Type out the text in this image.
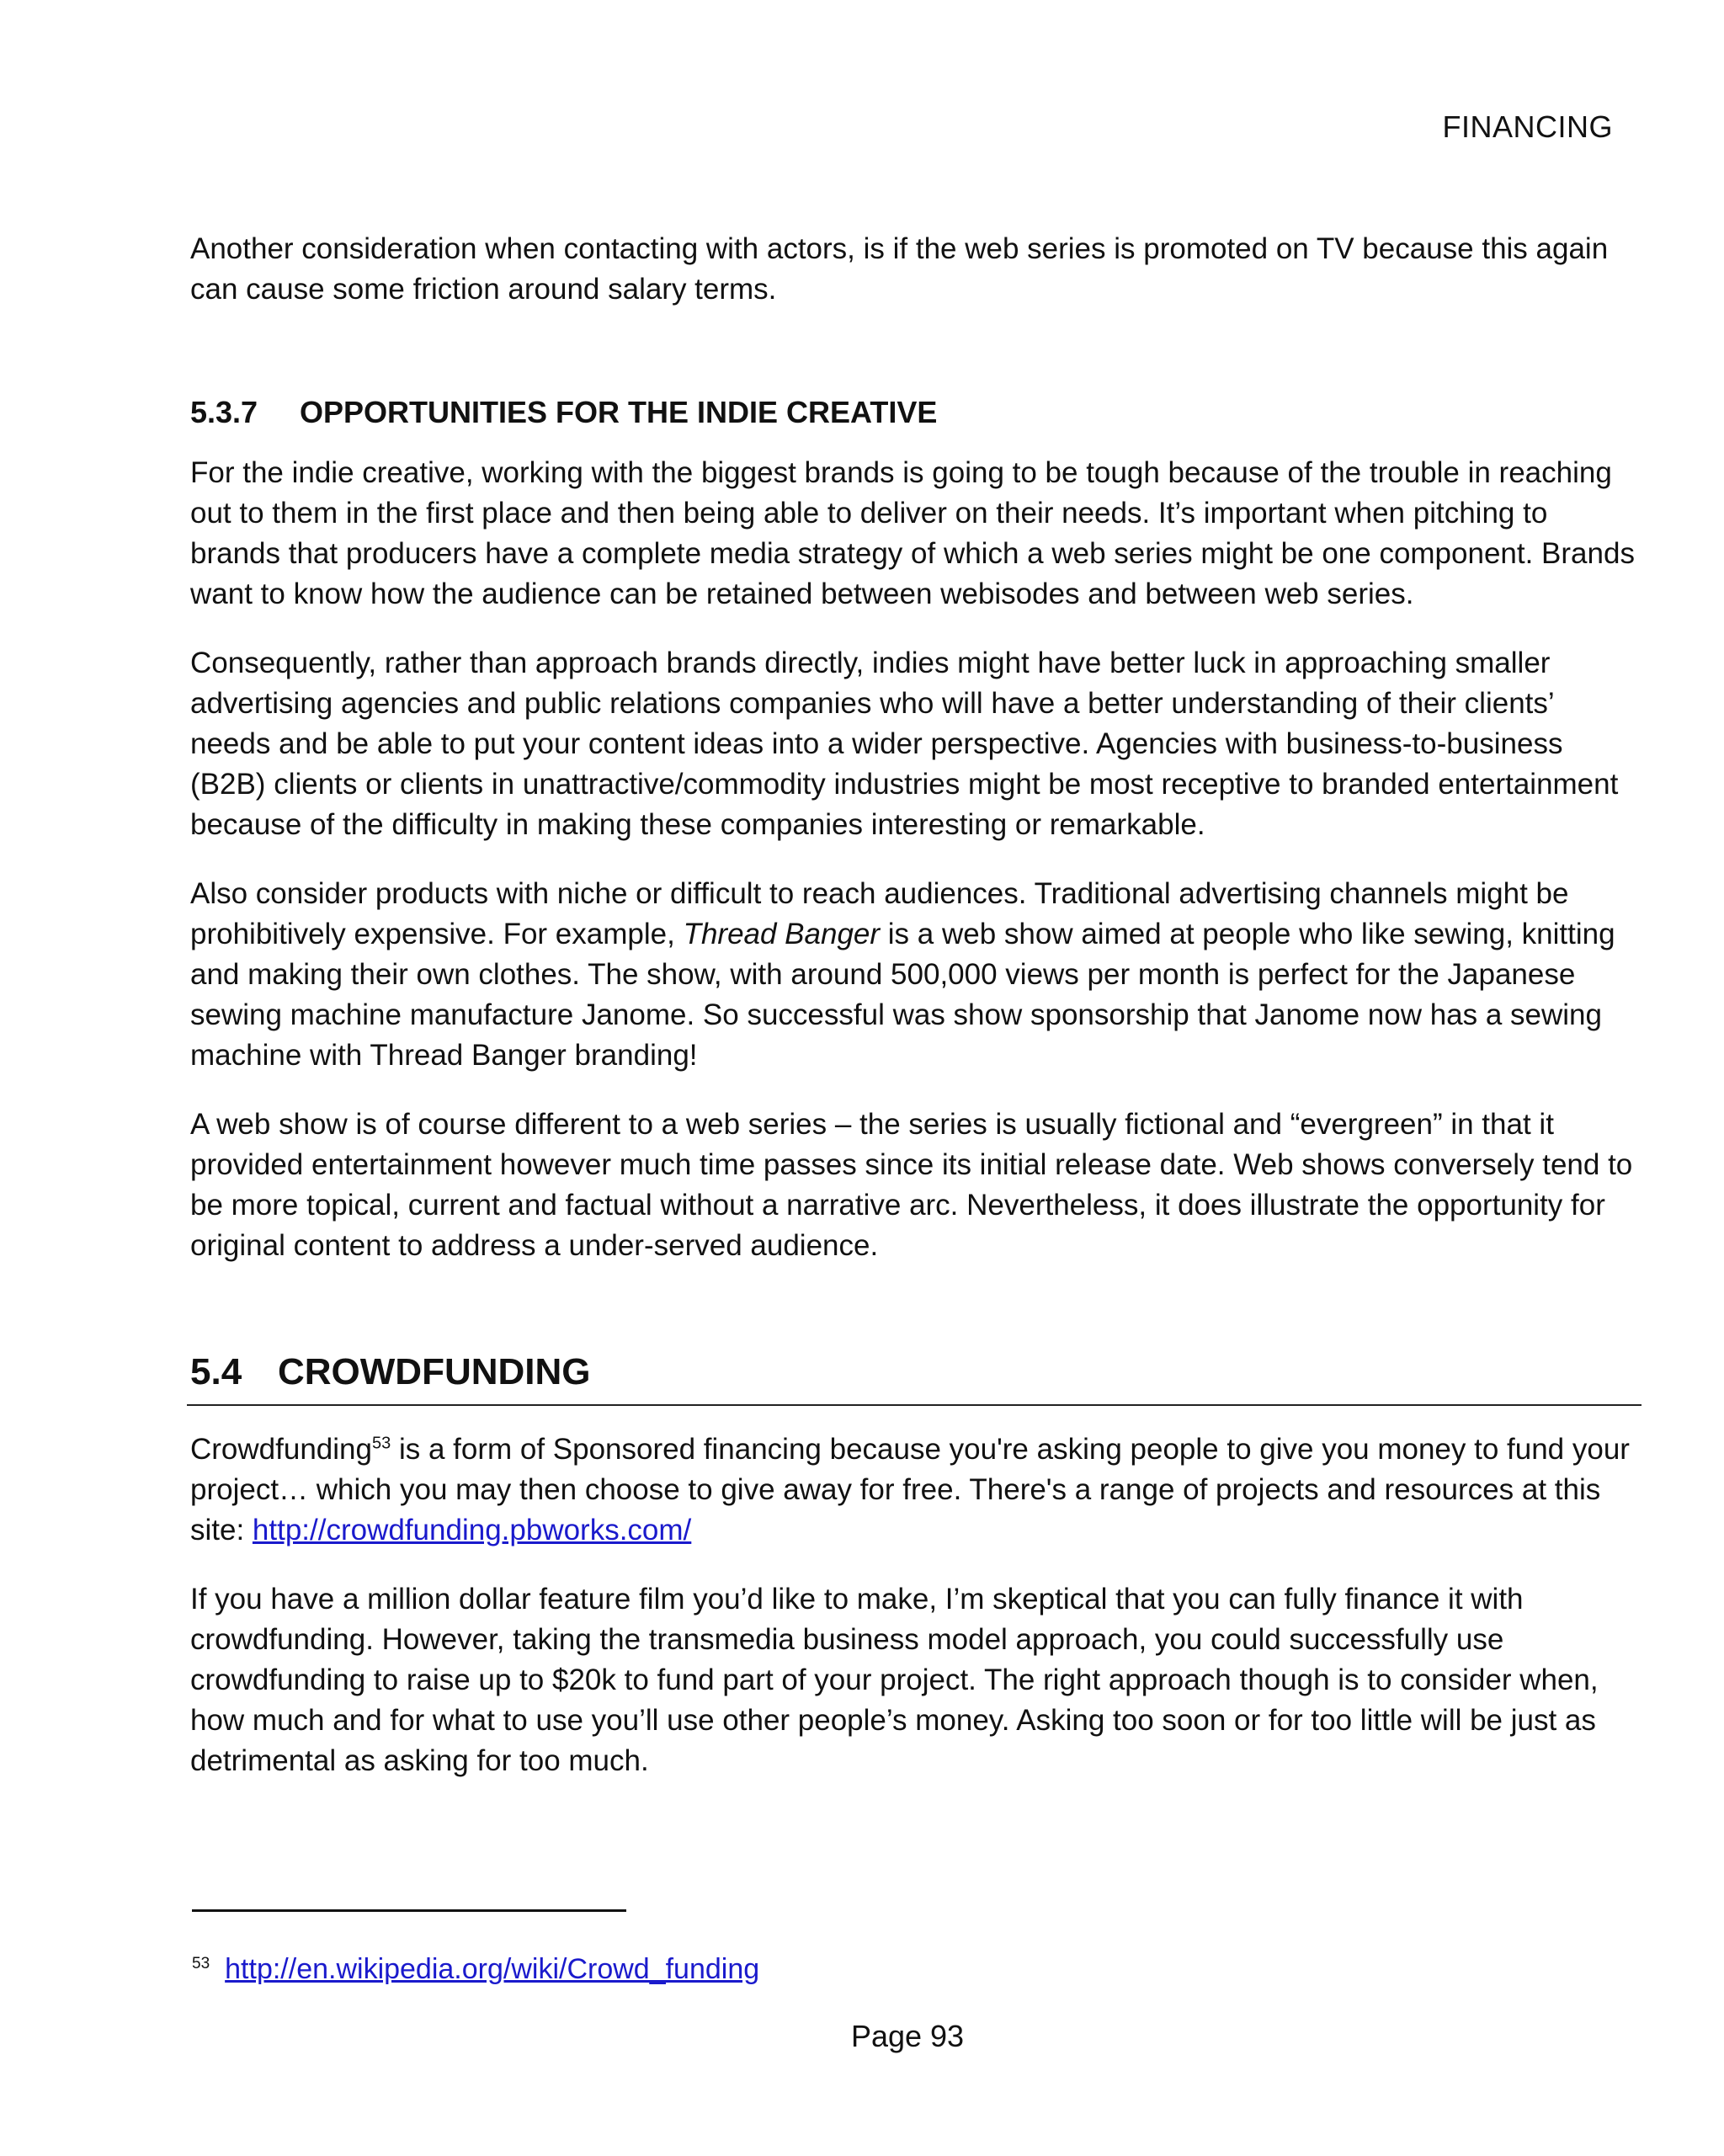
FINANCING

Another consideration when contacting with actors, is if the web series is promoted on TV because this again can cause some friction around salary terms.

5.3.7 OPPORTUNITIES FOR THE INDIE CREATIVE

For the indie creative, working with the biggest brands is going to be tough because of the trouble in reaching out to them in the first place and then being able to deliver on their needs. It’s important when pitching to brands that producers have a complete media strategy of which a web series might be one component. Brands want to know how the audience can be retained between webisodes and between web series.

Consequently, rather than approach brands directly, indies might have better luck in approaching smaller advertising agencies and public relations companies who will have a better understanding of their clients’ needs and be able to put your content ideas into a wider perspective. Agencies with business-to-business (B2B) clients or clients in unattractive/commodity industries might be most receptive to branded entertainment because of the difficulty in making these companies interesting or remarkable.

Also consider products with niche or difficult to reach audiences. Traditional advertising channels might be prohibitively expensive. For example, Thread Banger is a web show aimed at people who like sewing, knitting and making their own clothes. The show, with around 500,000 views per month is perfect for the Japanese sewing machine manufacture Janome. So successful was show sponsorship that Janome now has a sewing machine with Thread Banger branding!

A web show is of course different to a web series – the series is usually fictional and “evergreen” in that it provided entertainment however much time passes since its initial release date. Web shows conversely tend to be more topical, current and factual without a narrative arc. Nevertheless, it does illustrate the opportunity for original content to address a under-served audience.

5.4 CROWDFUNDING

Crowdfunding$^{53}$ is a form of Sponsored financing because you're asking people to give you money to fund your project… which you may then choose to give away for free. There's a range of projects and resources at this site: http://crowdfunding.pbworks.com/

If you have a million dollar feature film you’d like to make, I’m skeptical that you can fully finance it with crowdfunding. However, taking the transmedia business model approach, you could successfully use crowdfunding to raise up to $20k to fund part of your project. The right approach though is to consider when, how much and for what to use you’ll use other people’s money. Asking too soon or for too little will be just as detrimental as asking for too much.

$^{53}$ http://en.wikipedia.org/wiki/Crowd_funding
Page 93
